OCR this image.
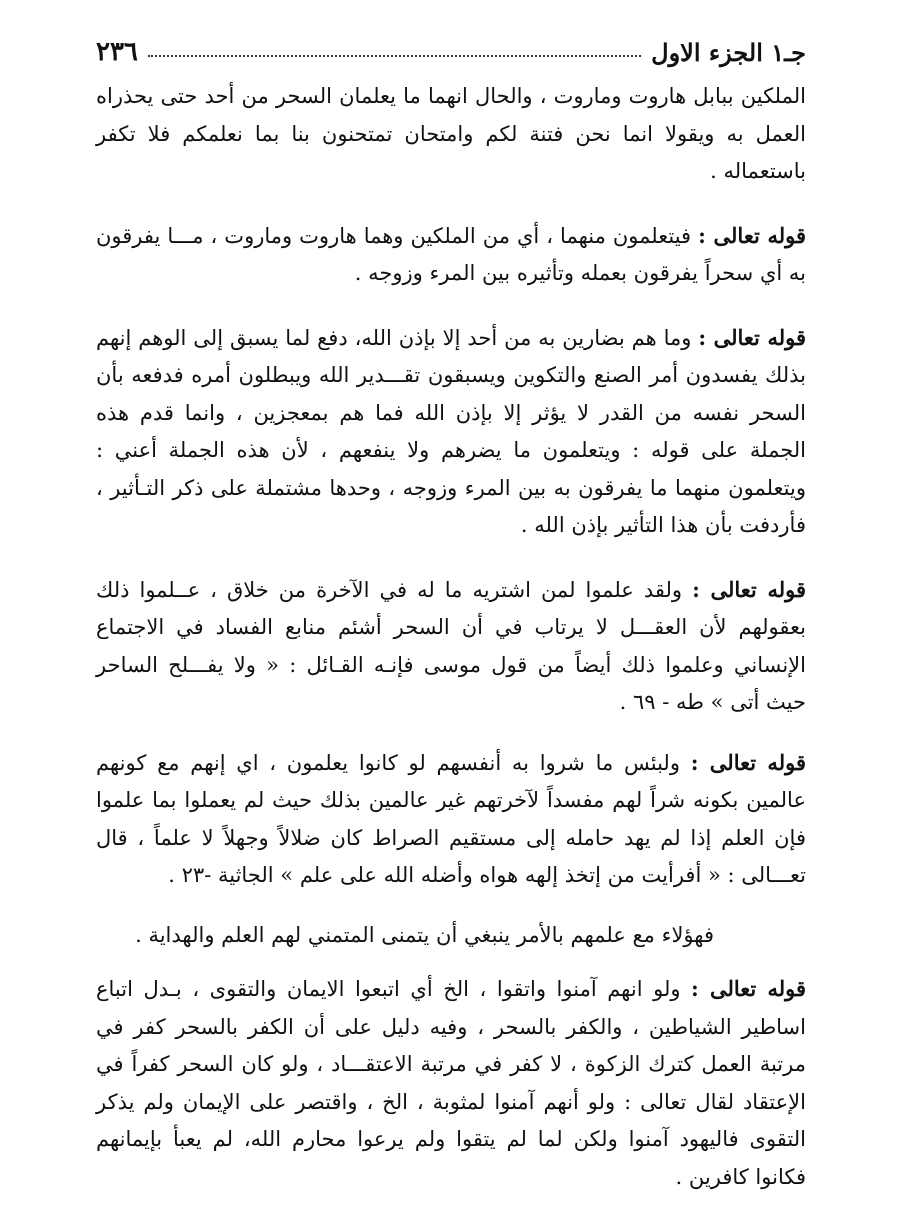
٢٣٦	جـ١ الجزء الاول

الملكين ببابل هاروت وماروت ، والحال انهما ما يعلمان السحر من أحد حتى يحذراه العمل به ويقولا انما نحن فتنة لكم وامتحان تمتحنون بنا بما نعلمكم فلا تكفر باستعماله .

قوله تعالى : فيتعلمون منهما ، أي من الملكين وهما هاروت وماروت ، مـــا يفرقون به أي سحراً يفرقون بعمله وتأثيره بين المرء وزوجه .

قوله تعالى : وما هم بضارين به من أحد إلا بإذن الله، دفع لما يسبق إلى الوهم إنهم بذلك يفسدون أمر الصنع والتكوين ويسبقون تقـــدير الله ويبطلون أمره فدفعه بأن السحر نفسه من القدر لا يؤثر إلا بإذن الله فما هم بمعجزين ، وانما قدم هذه الجملة على قوله : ويتعلمون ما يضرهم ولا ينفعهم ، لأن هذه الجملة أعني : ويتعلمون منهما ما يفرقون به بين المرء وزوجه ، وحدها مشتملة على ذكر التـأثير ، فأردفت بأن هذا التأثير بإذن الله .

قوله تعالى : ولقد علموا لمن اشتريه ما له في الآخرة من خلاق ، عــلموا ذلك بعقولهم لأن العقـــل لا يرتاب في أن السحر أشئم منابع الفساد في الاجتماع الإنساني وعلموا ذلك أيضاً من قول موسى فإنـه القـائل : « ولا يفـــلح الساحر حيث أتى » طه - ٦٩ .

قوله تعالى : ولبئس ما شروا به أنفسهم لو كانوا يعلمون ، اي إنهم مع كونهم عالمين بكونه شراً لهم مفسداً لآخرتهم غير عالمين بذلك حيث لم يعملوا بما علموا فإن العلم إذا لم يهد حامله إلى مستقيم الصراط كان ضلالاً وجهلاً لا علماً ، قال تعـــالى : « أفرأيت من إتخذ إلهه هواه وأضله الله على علم » الجاثية -٢٣ .

فهؤلاء مع علمهم بالأمر ينبغي أن يتمنى المتمني لهم العلم والهداية .

قوله تعالى : ولو انهم آمنوا واتقوا ، الخ أي اتبعوا الايمان والتقوى ، بـدل اتباع اساطير الشياطين ، والكفر بالسحر ، وفيه دليل على أن الكفر بالسحر كفر في مرتبة العمل كترك الزكوة ، لا كفر في مرتبة الاعتقـــاد ، ولو كان السحر كفراً في الإعتقاد لقال تعالى : ولو أنهم آمنوا لمثوبة ، الخ ، واقتصر على الإيمان ولم يذكر التقوى فاليهود آمنوا ولكن لما لم يتقوا ولم يرعوا محارم الله، لم يعبأ بإيمانهم فكانوا كافرين .
